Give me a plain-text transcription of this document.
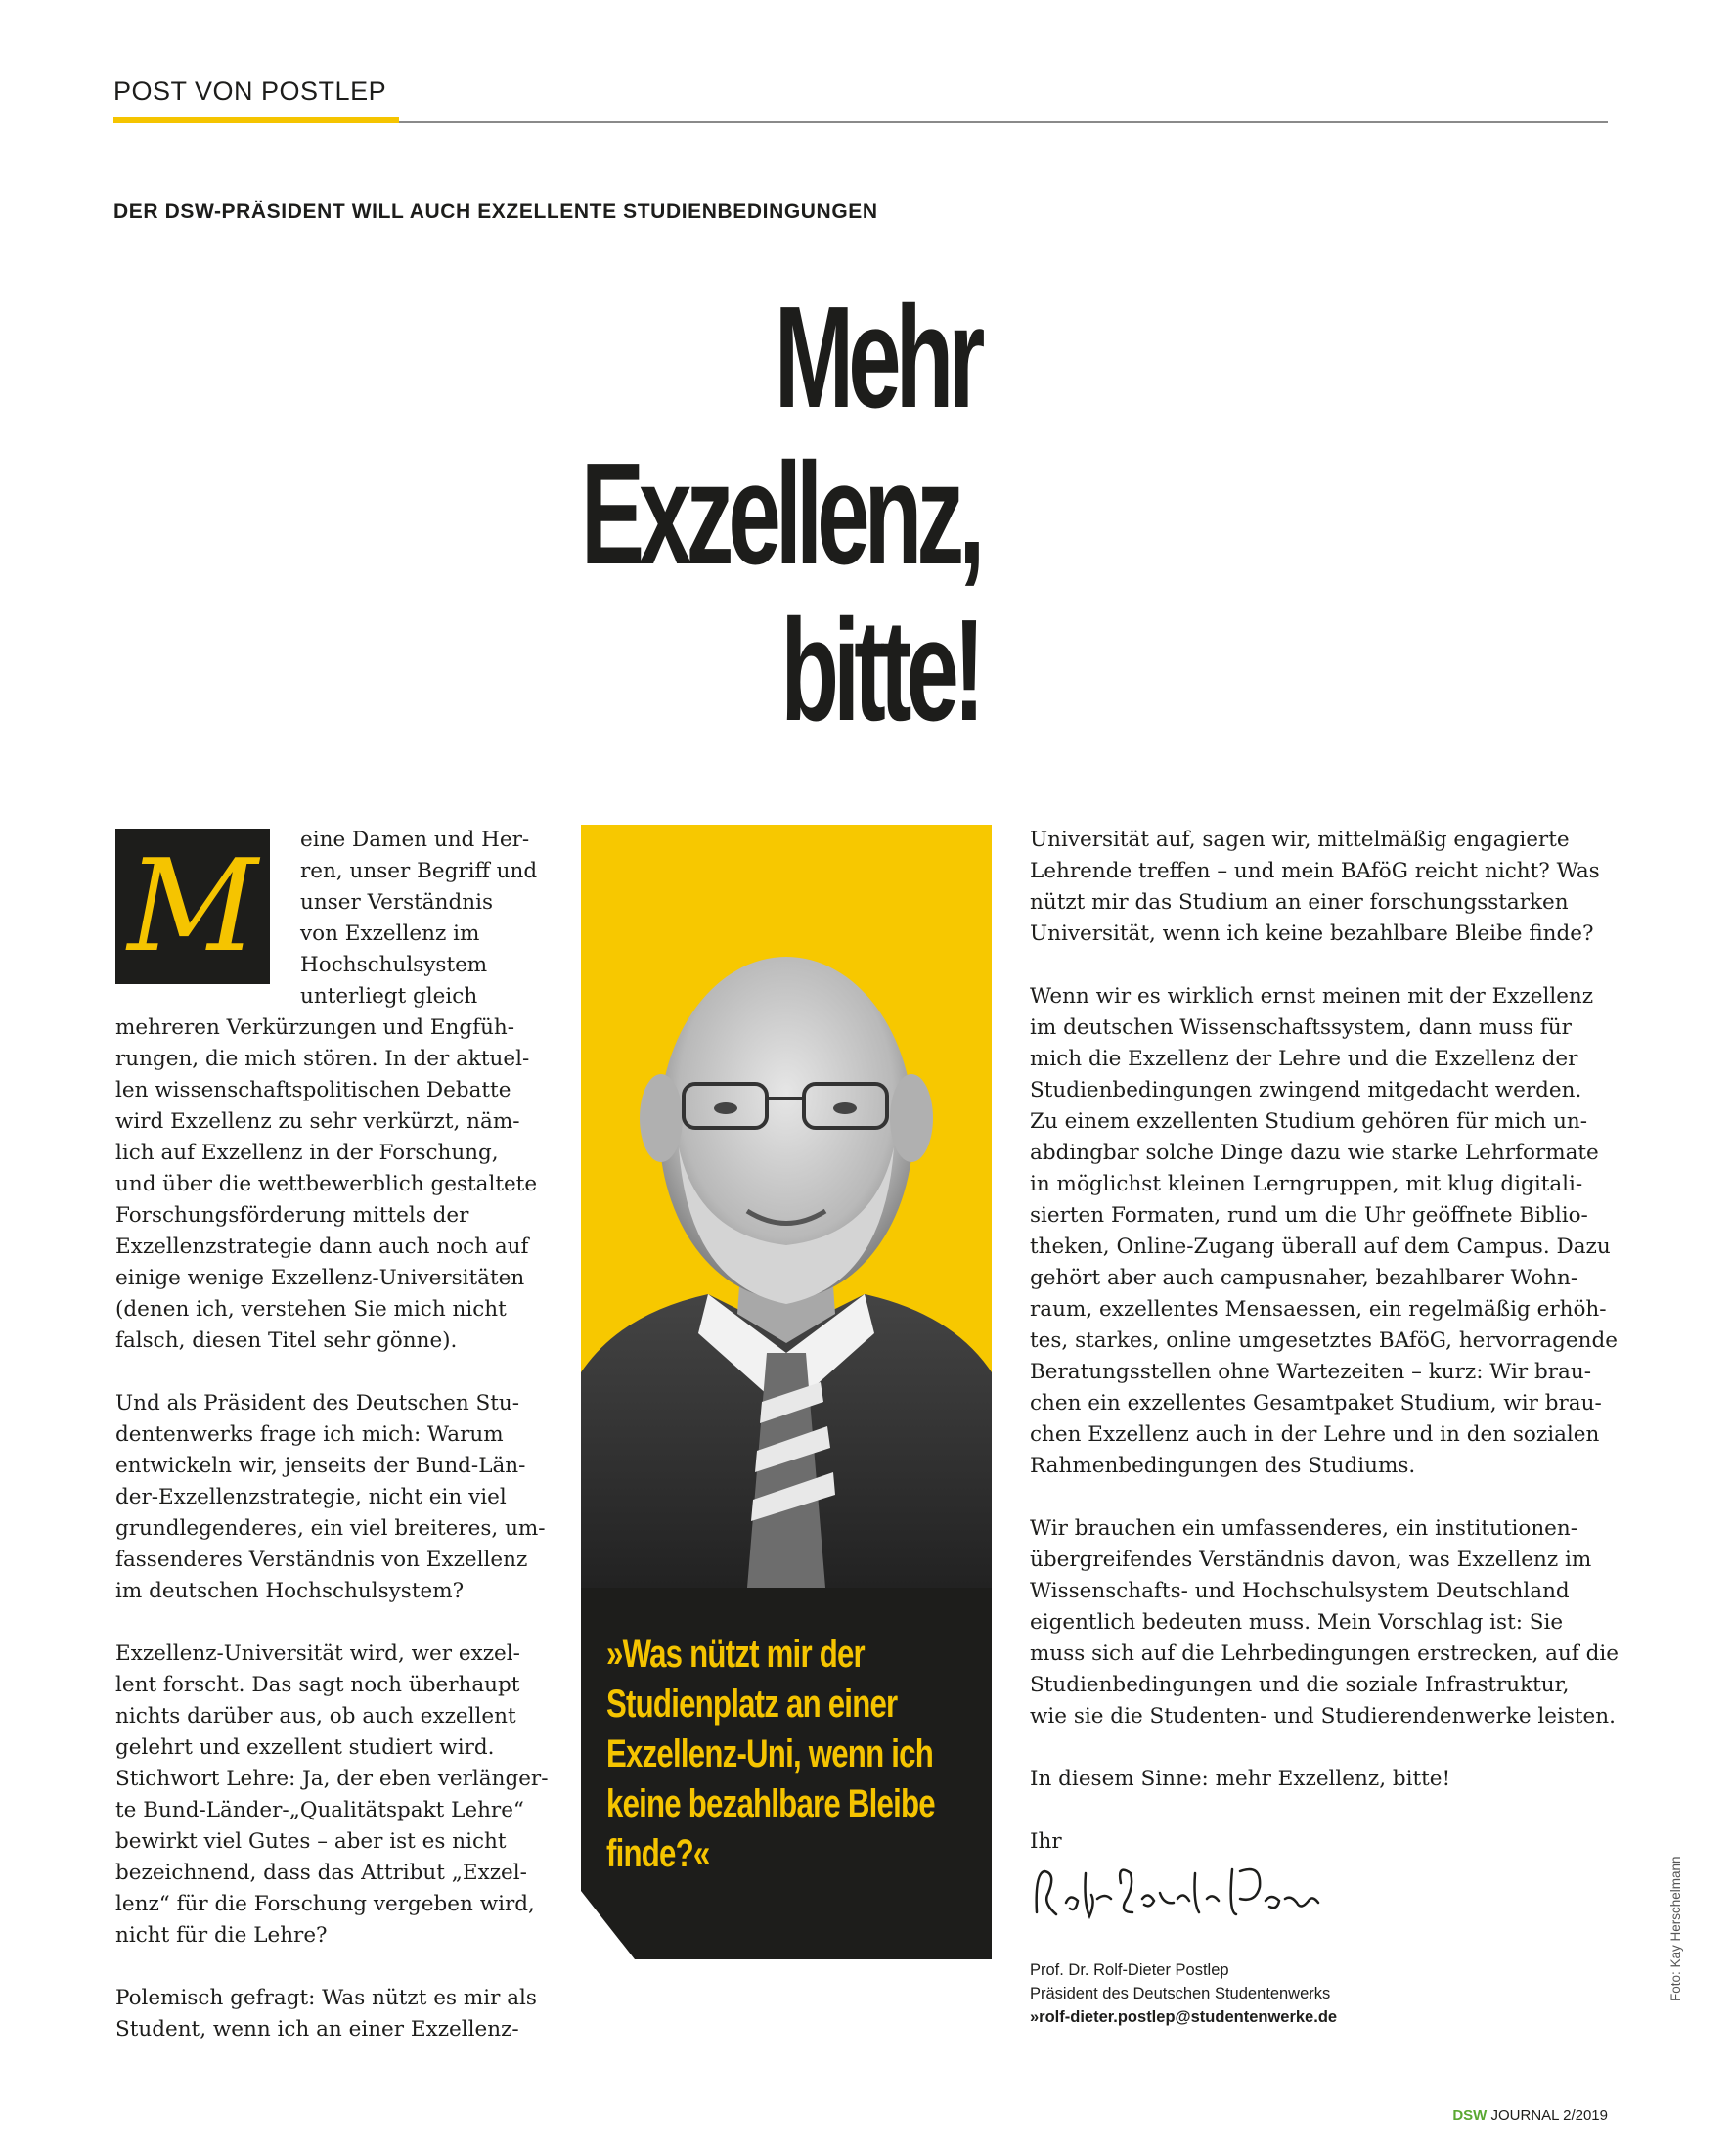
POST VON POSTLEP
DER DSW-PRÄSIDENT WILL AUCH EXZELLENTE STUDIENBEDINGUNGEN
Mehr
Exzellenz,
bitte!
M	eine Damen und Her-

ren, unser Begriff und

unser Verständnis

von Exzellenz im

Hochschulsystem

unterliegt gleich

mehreren Verkürzungen und Engfüh-

rungen, die mich stören. In der aktuel-

len wissenschaftspolitischen Debatte

wird Exzellenz zu sehr verkürzt, näm-

lich auf Exzellenz in der Forschung,

und über die wettbewerblich gestaltete

Forschungsförderung mittels der

Exzellenzstrategie dann auch noch auf

einige wenige Exzellenz-Universitäten

(denen ich, verstehen Sie mich nicht

falsch, diesen Titel sehr gönne).

Und als Präsident des Deutschen Stu-

dentenwerks frage ich mich: Warum

entwickeln wir, jenseits der Bund-Län-

der-Exzellenzstrategie, nicht ein viel

grundlegenderes, ein viel breiteres, um-

fassenderes Verständnis von Exzellenz

im deutschen Hochschulsystem?

Exzellenz-Universität wird, wer exzel-

lent forscht. Das sagt noch überhaupt

nichts darüber aus, ob auch exzellent

gelehrt und exzellent studiert wird.

Stichwort Lehre: Ja, der eben verlänger-

te Bund-Länder-„Qualitätspakt Lehre“

bewirkt viel Gutes – aber ist es nicht

bezeichnend, dass das Attribut „Exzel-

lenz“ für die Forschung vergeben wird,

nicht für die Lehre?

Polemisch gefragt: Was nützt es mir als

Student, wenn ich an einer Exzellenz-

»Was nützt mir der

Studienplatz an einer

Exzellenz-Uni, wenn ich

keine bezahlbare Bleibe

finde?«

Universität auf, sagen wir, mittelmäßig engagierte

Lehrende treffen – und mein BAföG reicht nicht? Was

nützt mir das Studium an einer forschungsstarken

Universität, wenn ich keine bezahlbare Bleibe finde?

Wenn wir es wirklich ernst meinen mit der Exzellenz

im deutschen Wissenschaftssystem, dann muss für

mich die Exzellenz der Lehre und die Exzellenz der

Studienbedingungen zwingend mitgedacht werden.

Zu einem exzellenten Studium gehören für mich un-

abdingbar solche Dinge dazu wie starke Lehrformate

in möglichst kleinen Lerngruppen, mit klug digitali-

sierten Formaten, rund um die Uhr geöffnete Biblio-

theken, Online-Zugang überall auf dem Campus. Dazu

gehört aber auch campusnaher, bezahlbarer Wohn-

raum, exzellentes Mensaessen, ein regelmäßig erhöh-

tes, starkes, online umgesetztes BAföG, hervorragende

Beratungsstellen ohne Wartezeiten – kurz: Wir brau-

chen ein exzellentes Gesamtpaket Studium, wir brau-

chen Exzellenz auch in der Lehre und in den sozialen

Rahmenbedingungen des Studiums.

Wir brauchen ein umfassenderes, ein institutionen-

übergreifendes Verständnis davon, was Exzellenz im

Wissenschafts- und Hochschulsystem Deutschland

eigentlich bedeuten muss. Mein Vorschlag ist: Sie

muss sich auf die Lehrbedingungen erstrecken, auf die

Studienbedingungen und die soziale Infrastruktur,

wie sie die Studenten- und Studierendenwerke leisten.

In diesem Sinne: mehr Exzellenz, bitte!

Ihr

Prof. Dr. Rolf-Dieter Postlep

Präsident des Deutschen Studentenwerks

»rolf-dieter.postlep@studentenwerke.de

Foto: Kay Herschelmann
DSW JOURNAL 2/2019
